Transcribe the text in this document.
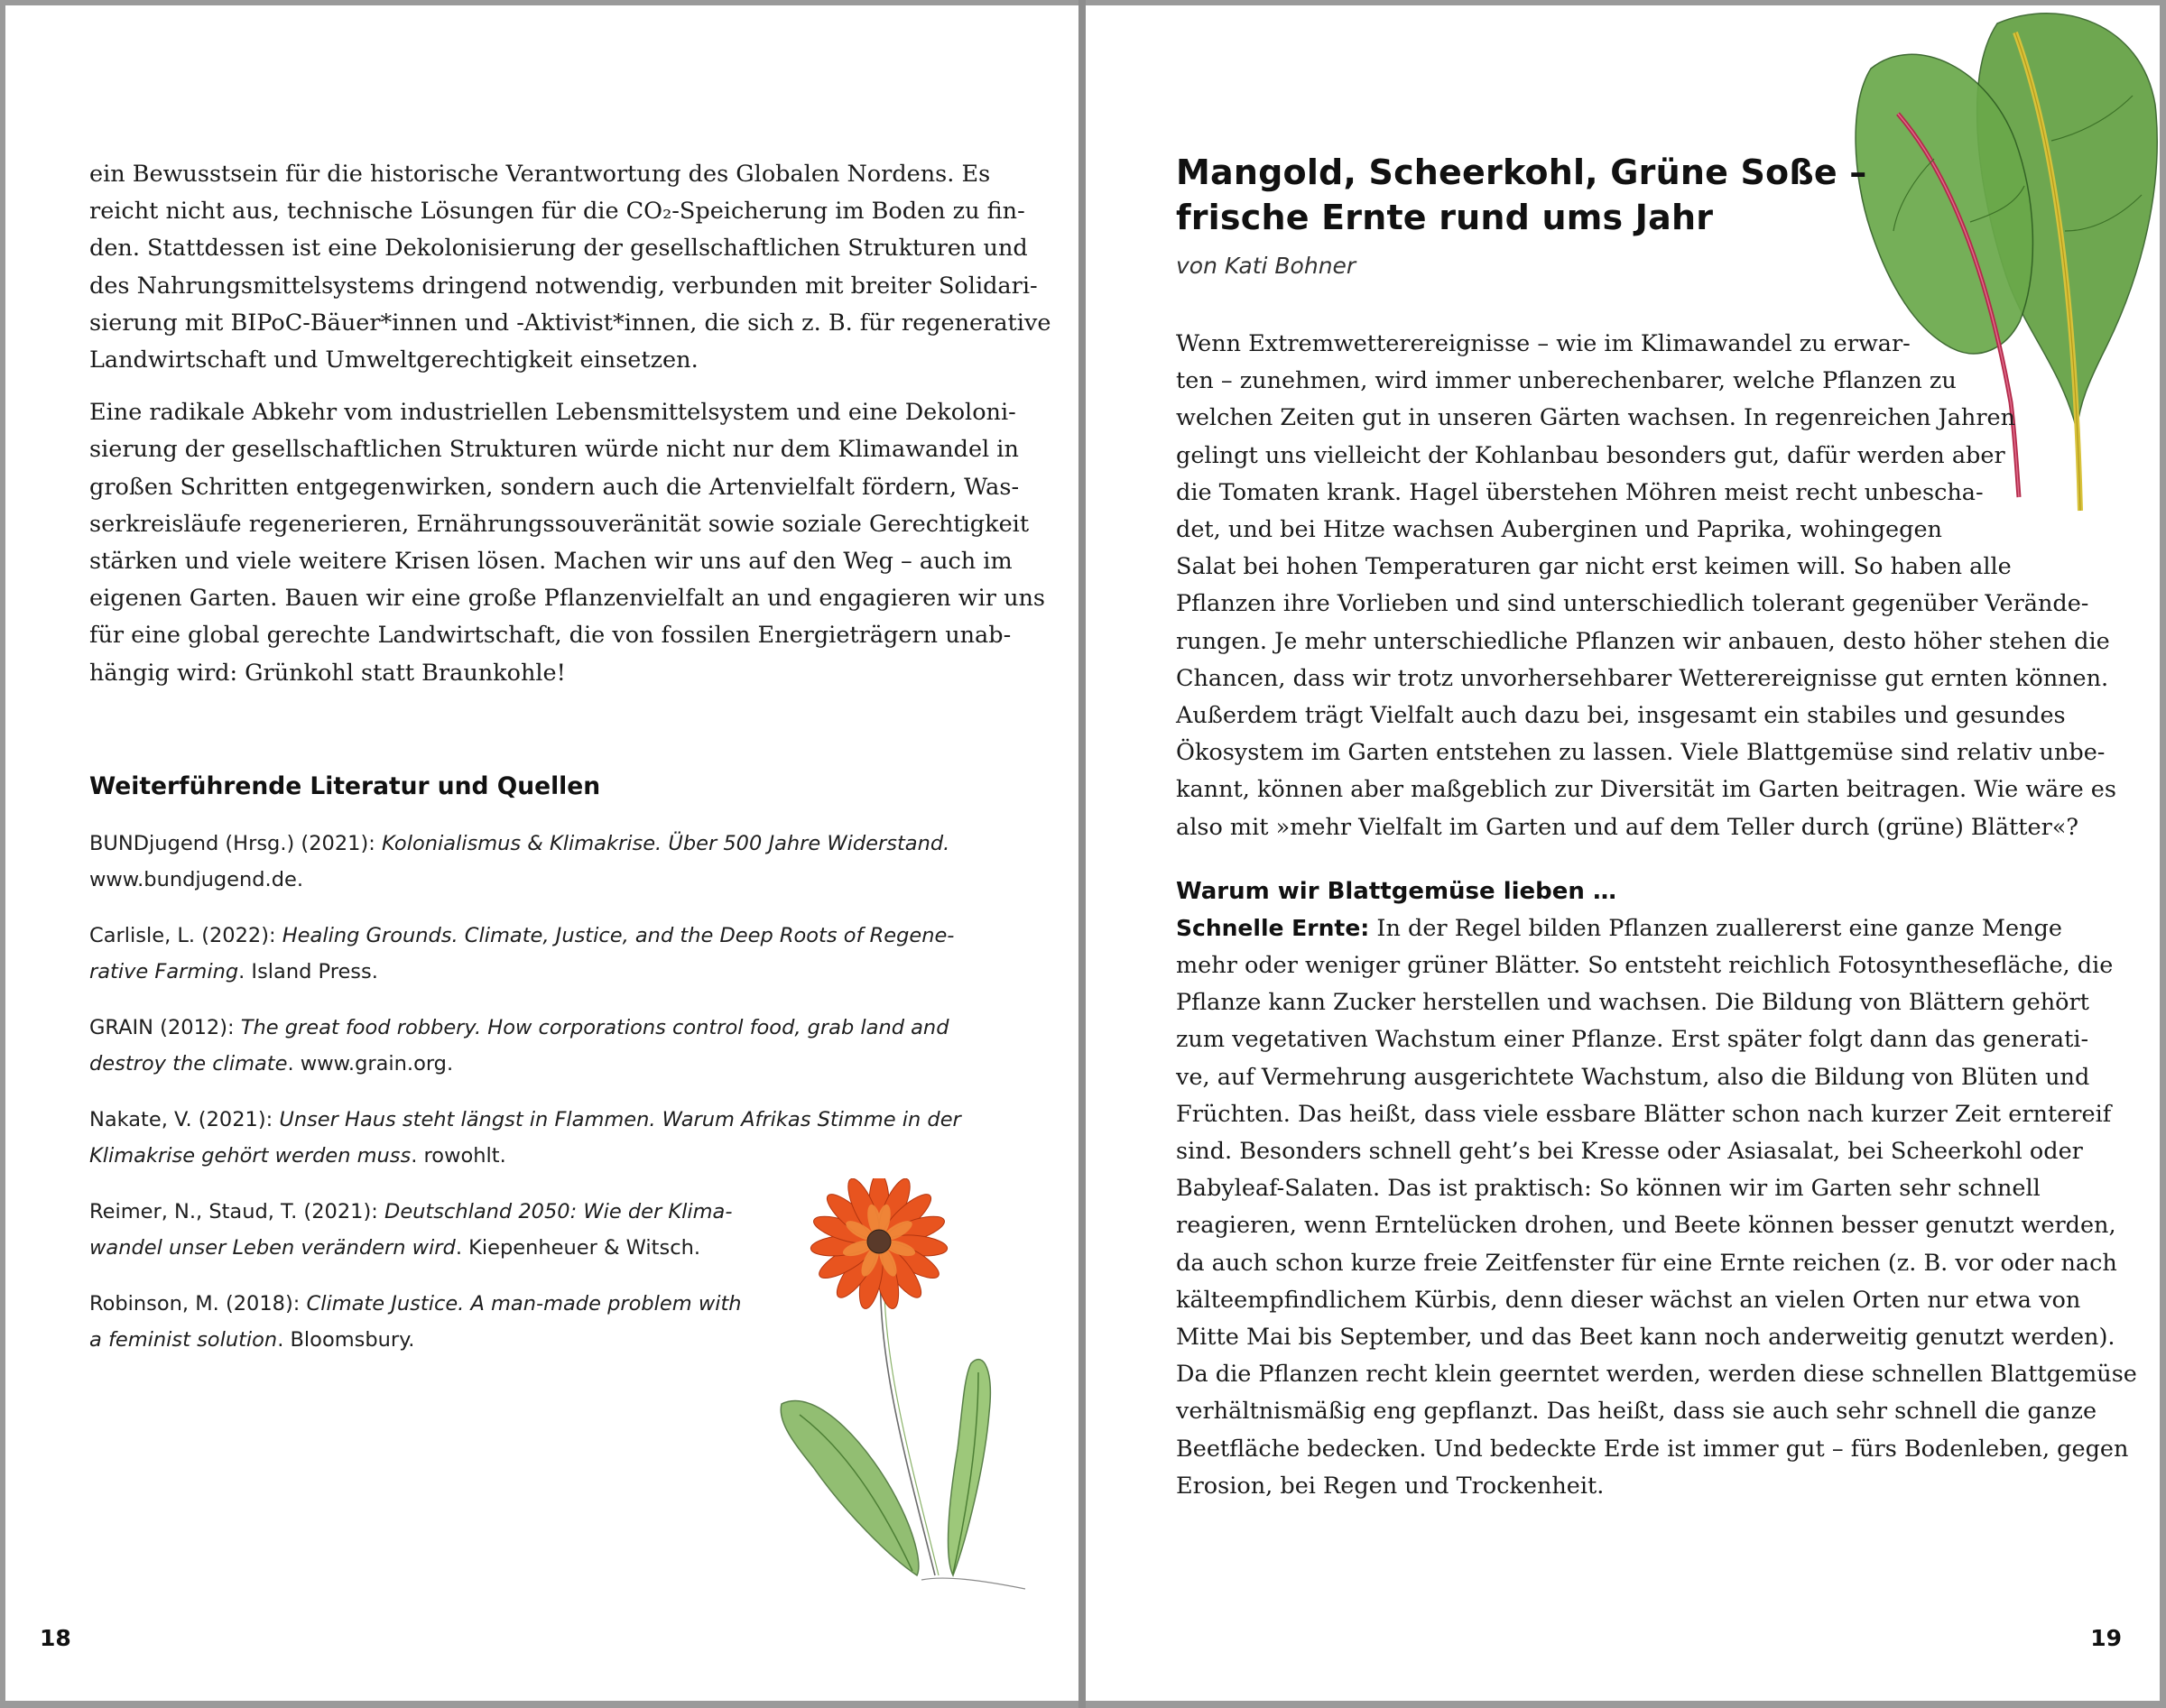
ein Bewusstsein für die historische Verantwortung des Globalen Nordens. Es

reicht nicht aus, technische Lösungen für die CO₂-Speicherung im Boden zu fin-

den. Stattdessen ist eine Dekolonisierung der gesellschaftlichen Strukturen und

des Nahrungsmittelsystems dringend notwendig, verbunden mit breiter Solidari-

sierung mit BIPoC-Bäuer*innen und -Aktivist*innen, die sich z. B. für regenerative

Landwirtschaft und Umweltgerechtigkeit einsetzen.

Eine radikale Abkehr vom industriellen Lebensmittelsystem und eine Dekoloni-

sierung der gesellschaftlichen Strukturen würde nicht nur dem Klimawandel in

großen Schritten entgegenwirken, sondern auch die Artenvielfalt fördern, Was-

serkreisläufe regenerieren, Ernährungssouveränität sowie soziale Gerechtigkeit

stärken und viele weitere Krisen lösen. Machen wir uns auf den Weg – auch im

eigenen Garten. Bauen wir eine große Pflanzenvielfalt an und engagieren wir uns

für eine global gerechte Landwirtschaft, die von fossilen Energieträgern unab-

hängig wird: Grünkohl statt Braunkohle!

Weiterführende Literatur und Quellen
BUNDjugend (Hrsg.) (2021): Kolonialismus & Klimakrise. Über 500 Jahre Widerstand.
www.bundjugend.de.
Carlisle, L. (2022): Healing Grounds. Climate, Justice, and the Deep Roots of Regene-
rative Farming. Island Press.
GRAIN (2012): The great food robbery. How corporations control food, grab land and
destroy the climate. www.grain.org.
Nakate, V. (2021): Unser Haus steht längst in Flammen. Warum Afrikas Stimme in der
Klimakrise gehört werden muss. rowohlt.
Reimer, N., Staud, T. (2021): Deutschland 2050: Wie der Klima-
wandel unser Leben verändern wird. Kiepenheuer & Witsch.
Robinson, M. (2018): Climate Justice. A man-made problem with
a feminist solution. Bloomsbury.
18
Mangold, Scheerkohl, Grüne Soße –
frische Ernte rund ums Jahr
von Kati Bohner

Wenn Extremwetterereignisse – wie im Klimawandel zu erwar-

ten – zunehmen, wird immer unberechenbarer, welche Pflanzen zu

welchen Zeiten gut in unseren Gärten wachsen. In regenreichen Jahren

gelingt uns vielleicht der Kohlanbau besonders gut, dafür werden aber

die Tomaten krank. Hagel überstehen Möhren meist recht unbescha-

det, und bei Hitze wachsen Auberginen und Paprika, wohingegen

Salat bei hohen Temperaturen gar nicht erst keimen will. So haben alle

Pflanzen ihre Vorlieben und sind unterschiedlich tolerant gegenüber Verände-

rungen. Je mehr unterschiedliche Pflanzen wir anbauen, desto höher stehen die

Chancen, dass wir trotz unvorhersehbarer Wetterereignisse gut ernten können.

Außerdem trägt Vielfalt auch dazu bei, insgesamt ein stabiles und gesundes

Ökosystem im Garten entstehen zu lassen. Viele Blattgemüse sind relativ unbe-

kannt, können aber maßgeblich zur Diversität im Garten beitragen. Wie wäre es

also mit »mehr Vielfalt im Garten und auf dem Teller durch (grüne) Blätter«?

Warum wir Blattgemüse lieben …

Schnelle Ernte: In der Regel bilden Pflanzen zuallererst eine ganze Menge

mehr oder weniger grüner Blätter. So entsteht reichlich Fotosynthesefläche, die

Pflanze kann Zucker herstellen und wachsen. Die Bildung von Blättern gehört

zum vegetativen Wachstum einer Pflanze. Erst später folgt dann das generati-

ve, auf Vermehrung ausgerichtete Wachstum, also die Bildung von Blüten und

Früchten. Das heißt, dass viele essbare Blätter schon nach kurzer Zeit erntereif

sind. Besonders schnell geht’s bei Kresse oder Asiasalat, bei Scheerkohl oder

Babyleaf-Salaten. Das ist praktisch: So können wir im Garten sehr schnell

reagieren, wenn Erntelücken drohen, und Beete können besser genutzt werden,

da auch schon kurze freie Zeitfenster für eine Ernte reichen (z. B. vor oder nach

kälteempfindlichem Kürbis, denn dieser wächst an vielen Orten nur etwa von

Mitte Mai bis September, und das Beet kann noch anderweitig genutzt werden).

Da die Pflanzen recht klein geerntet werden, werden diese schnellen Blattgemüse

verhältnismäßig eng gepflanzt. Das heißt, dass sie auch sehr schnell die ganze

Beetfläche bedecken. Und bedeckte Erde ist immer gut – fürs Bodenleben, gegen

Erosion, bei Regen und Trockenheit.

19
